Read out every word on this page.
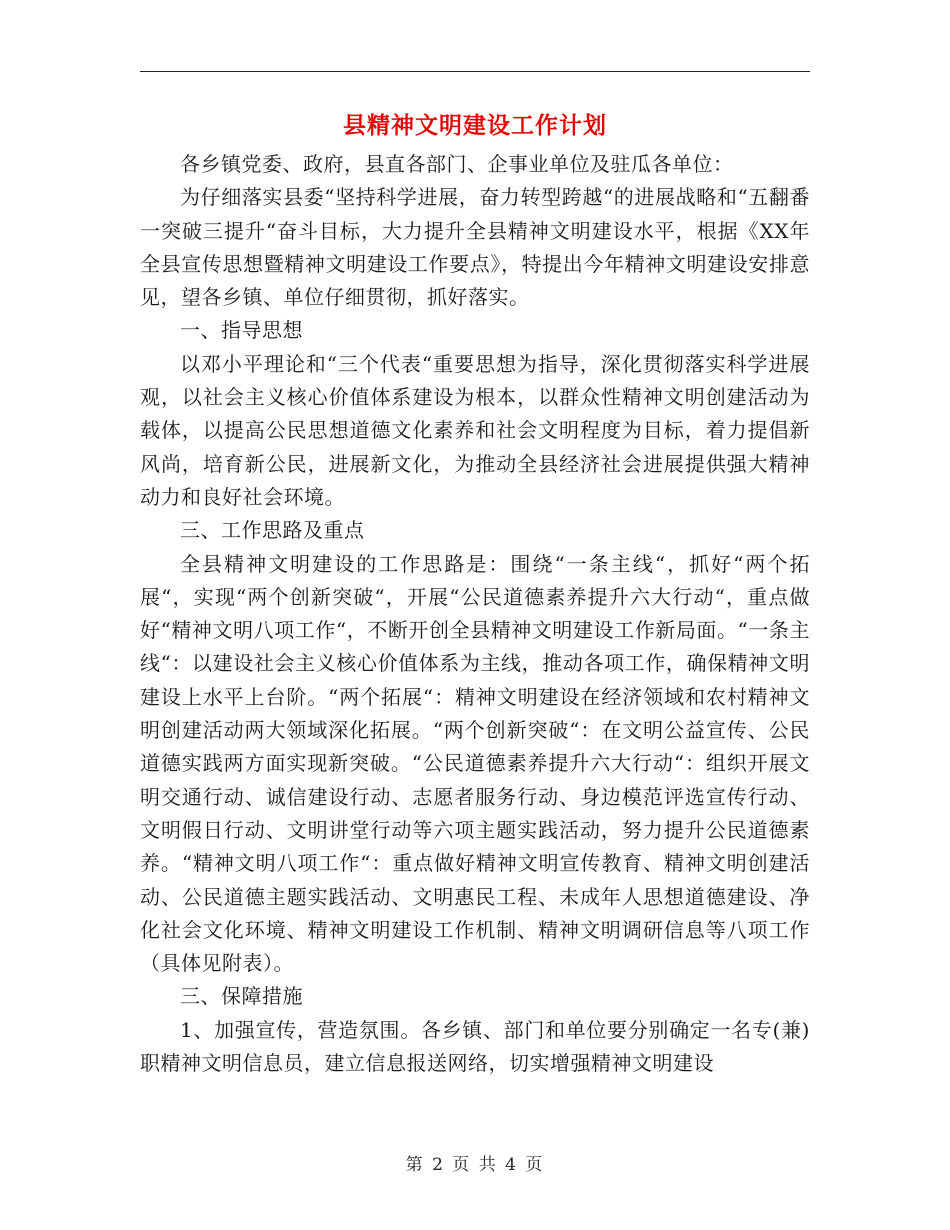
县精神文明建设工作计划

各乡镇党委、政府，县直各部门、企事业单位及驻瓜各单位：

为仔细落实县委“坚持科学进展，奋力转型跨越“的进展战略和“五翻番一突破三提升“奋斗目标，大力提升全县精神文明建设水平，根据《XX年全县宣传思想暨精神文明建设工作要点》，特提出今年精神文明建设安排意见，望各乡镇、单位仔细贯彻，抓好落实。

一、指导思想

以邓小平理论和“三个代表“重要思想为指导，深化贯彻落实科学进展观，以社会主义核心价值体系建设为根本，以群众性精神文明创建活动为载体，以提高公民思想道德文化素养和社会文明程度为目标，着力提倡新风尚，培育新公民，进展新文化，为推动全县经济社会进展提供强大精神动力和良好社会环境。

三、工作思路及重点

全县精神文明建设的工作思路是：围绕“一条主线“，抓好“两个拓展“，实现“两个创新突破“，开展“公民道德素养提升六大行动“，重点做好“精神文明八项工作“，不断开创全县精神文明建设工作新局面。“一条主线“：以建设社会主义核心价值体系为主线，推动各项工作，确保精神文明建设上水平上台阶。“两个拓展“：精神文明建设在经济领域和农村精神文明创建活动两大领域深化拓展。“两个创新突破“：在文明公益宣传、公民道德实践两方面实现新突破。“公民道德素养提升六大行动“：组织开展文明交通行动、诚信建设行动、志愿者服务行动、身边模范评选宣传行动、文明假日行动、文明讲堂行动等六项主题实践活动，努力提升公民道德素养。“精神文明八项工作“：重点做好精神文明宣传教育、精神文明创建活动、公民道德主题实践活动、文明惠民工程、未成年人思想道德建设、净化社会文化环境、精神文明建设工作机制、精神文明调研信息等八项工作（具体见附表）。

三、保障措施

1、加强宣传，营造氛围。各乡镇、部门和单位要分别确定一名专(兼)职精神文明信息员，建立信息报送网络，切实增强精神文明建设

第 2 页 共 4 页
